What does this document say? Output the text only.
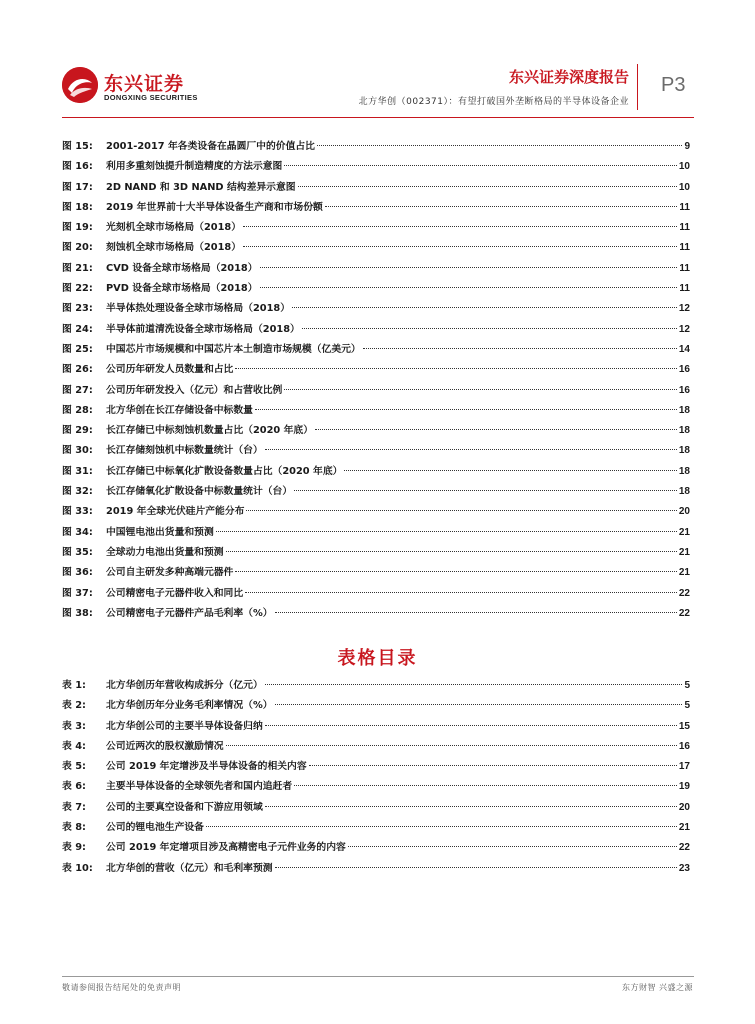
东兴证券
DONGXING SECURITIES
东兴证券深度报告
北方华创（002371）：有望打破国外垄断格局的半导体设备企业
P3
图 15:	2001-2017 年各类设备在晶圆厂中的价值占比	9
图 16:	利用多重刻蚀提升制造精度的方法示意图	10
图 17:	2D NAND 和 3D NAND 结构差异示意图	10
图 18:	2019 年世界前十大半导体设备生产商和市场份额	11
图 19:	光刻机全球市场格局（2018）	11
图 20:	刻蚀机全球市场格局（2018）	11
图 21:	CVD 设备全球市场格局（2018）	11
图 22:	PVD 设备全球市场格局（2018）	11
图 23:	半导体热处理设备全球市场格局（2018）	12
图 24:	半导体前道清洗设备全球市场格局（2018）	12
图 25:	中国芯片市场规模和中国芯片本土制造市场规模（亿美元）	14
图 26:	公司历年研发人员数量和占比	16
图 27:	公司历年研发投入（亿元）和占营收比例	16
图 28:	北方华创在长江存储设备中标数量	18
图 29:	长江存储已中标刻蚀机数量占比（2020 年底）	18
图 30:	长江存储刻蚀机中标数量统计（台）	18
图 31:	长江存储已中标氧化扩散设备数量占比（2020 年底）	18
图 32:	长江存储氧化扩散设备中标数量统计（台）	18
图 33:	2019 年全球光伏硅片产能分布	20
图 34:	中国锂电池出货量和预测	21
图 35:	全球动力电池出货量和预测	21
图 36:	公司自主研发多种高端元器件	21
图 37:	公司精密电子元器件收入和同比	22
图 38:	公司精密电子元器件产品毛利率（%）	22
表格目录
表 1:	北方华创历年营收构成拆分（亿元）	5
表 2:	北方华创历年分业务毛利率情况（%）	5
表 3:	北方华创公司的主要半导体设备归纳	15
表 4:	公司近两次的股权激励情况	16
表 5:	公司 2019 年定增涉及半导体设备的相关内容	17
表 6:	主要半导体设备的全球领先者和国内追赶者	19
表 7:	公司的主要真空设备和下游应用领域	20
表 8:	公司的锂电池生产设备	21
表 9:	公司 2019 年定增项目涉及高精密电子元件业务的内容	22
表 10:	北方华创的营收（亿元）和毛利率预测	23
敬请参阅报告结尾处的免责声明	东方财智 兴盛之源
